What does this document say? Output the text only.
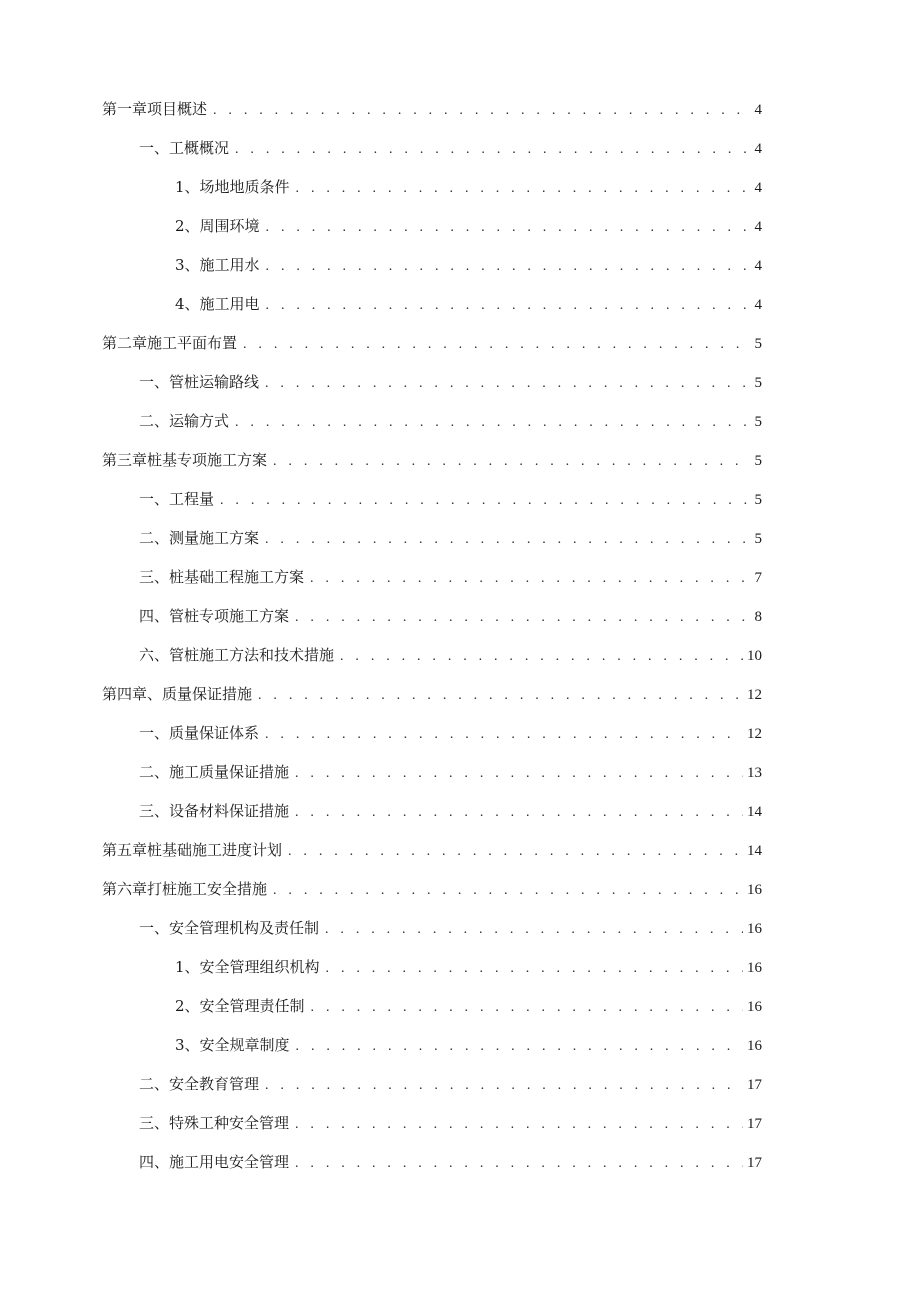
第一章项目概述 . . .	4
一、工概概况 . . .	4
1、场地地质条件 . . .	4
2、周围环境 . . .	4
3、施工用水 . . .	4
4、施工用电 . . .	4
第二章施工平面布置 . . .	5
一、管桩运输路线 . . .	5
二、运输方式 . . .	5
第三章桩基专项施工方案 . . .	5
一、工程量 . . .	5
二、测量施工方案 . . .	5
三、桩基础工程施工方案 . . .	7
四、管桩专项施工方案 . . .	8
六、管桩施工方法和技术措施 . . .	10
第四章、质量保证措施 . . .	12
一、质量保证体系 . . .	12
二、施工质量保证措施 . . .	13
三、设备材料保证措施 . . .	14
第五章桩基础施工进度计划 . . .	14
第六章打桩施工安全措施 . . .	16
一、安全管理机构及责任制 . . .	16
1、安全管理组织机构 . . .	16
2、安全管理责任制 . . .	16
3、安全规章制度 . . .	16
二、安全教育管理 . . .	17
三、特殊工种安全管理 . . .	17
四、施工用电安全管理 . . .	17
